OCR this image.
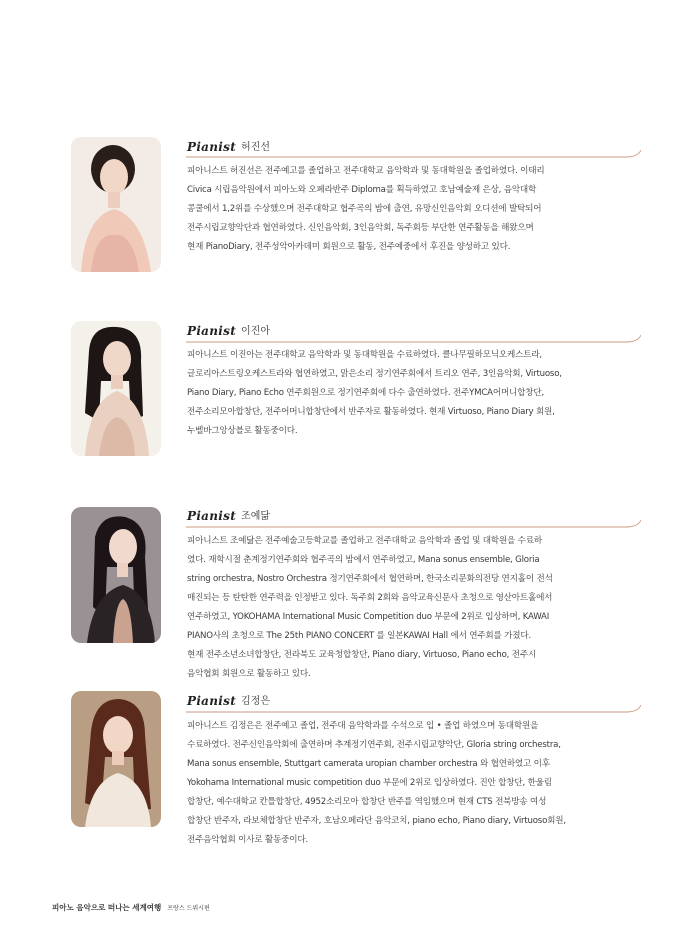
Pianist 허진선

피아니스트 허진선은 전주예고를 졸업하고 전주대학교 음악학과 및 동대학원을 졸업하였다. 이태리
Civica 시립음악원에서 피아노와 오페라반주 Diploma를 획득하였고 호남예술제 은상, 음악대학
콩쿨에서 1,2위를 수상했으며 전주대학교 협주곡의 밤에 출연, 유망신인음악회 오디션에 발탁되어
전주시립교향악단과 협연하였다. 신인음악회, 3인음악회, 독주회등 부단한 연주활동을 해왔으며
현재 PianoDiary, 전주성악아카데미 회원으로 활동, 전주예중에서 후진을 양성하고 있다.

Pianist 이진아

피아니스트 이진아는 전주대학교 음악학과 및 동대학원을 수료하였다. 클나무필하모닉오케스트라,
글로리아스트링오케스트라와 협연하였고, 맑은소리 정기연주회에서 트리오 연주, 3인음악회, Virtuoso,
Piano Diary, Piano Echo 연주회원으로 정기연주회에 다수 출연하였다. 전주YMCA어머니합창단,
전주소리모아합창단, 전주어머니합창단에서 반주자로 활동하였다. 현재 Virtuoso, Piano Diary 회원,
누벨바그앙상블로 활동중이다.

Pianist 조예닮

피아니스트 조예닮은 전주예술고등학교를 졸업하고 전주대학교 음악학과 졸업 및 대학원을 수료하
였다. 재학시절 춘계정기연주회와 협주곡의 밤에서 연주하였고, Mana sonus ensemble, Gloria
string orchestra, Nostro Orchestra 정기연주회에서 협연하며, 한국소리문화의전당 연지홀이 전석
매진되는 등 탄탄한 연주력을 인정받고 있다. 독주회 2회와 음악교육신문사 초청으로 영산아트홀에서
연주하였고, YOKOHAMA International Music Competition duo 부문에 2위로 입상하며, KAWAI
PIANO사의 초청으로 The 25th PIANO CONCERT 를 일본KAWAI Hall 에서 연주회를 가졌다.
현재 전주소년소녀합창단, 전라북도 교육청합창단, Piano diary, Virtuoso, Piano echo, 전주시
음악협회 회원으로 활동하고 있다.

Pianist 김정은

피아니스트 김정은은 전주예고 졸업, 전주대 음악학과를 수석으로 입 • 졸업 하였으며 동대학원을
수료하였다. 전주신인음악회에 출연하며 추계정기연주회, 전주시립교향악단, Gloria string orchestra,
Mana sonus ensemble, Stuttgart camerata uropian chamber orchestra 와 협연하였고 이후
Yokohama International music competition duo 부문에 2위로 입상하였다. 진안 합창단, 한울림
합창단, 예수대학교 칸틀합창단, 4952소리모아 합창단 반주를 역임했으며 현재 CTS 전북방송 여성
합창단 반주자, 라보체합창단 반주자, 호남오페라단 음악코치, piano echo, Piano diary, Virtuoso회원,
전주음악협회 이사로 활동중이다.

피아노 음악으로 떠나는 세계여행 프랑스 드뷔시편
